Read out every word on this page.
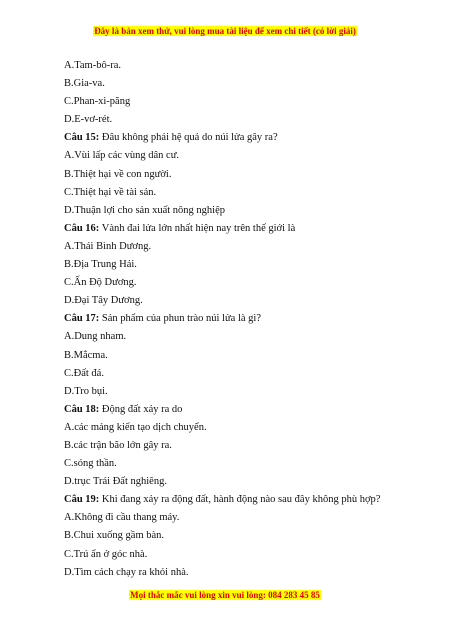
Đây là bản xem thử, vui lòng mua tài liệu để xem chi tiết (có lời giải)
A.Tam-bô-ra.
B.Gia-va.
C.Phan-xi-păng
D.E-vơ-rét.
Câu 15: Đâu không phải hệ quả do núi lửa gây ra?
A.Vùi lấp các vùng dân cư.
B.Thiệt hại về con người.
C.Thiệt hại về tài sản.
D.Thuận lợi cho sản xuất nông nghiệp
Câu 16: Vành đai lửa lớn nhất hiện nay trên thế giới là
A.Thái Bình Dương.
B.Địa Trung Hải.
C.Ấn Độ Dương.
D.Đại Tây Dương.
Câu 17: Sản phẩm của phun trào núi lửa là gì?
A.Dung nham.
B.Mắcma.
C.Đất đá.
D.Tro bụi.
Câu 18: Động đất xảy ra do
A.các mảng kiến tạo dịch chuyển.
B.các trận bão lớn gây ra.
C.sóng thần.
D.trục Trái Đất nghiêng.
Câu 19: Khi đang xảy ra động đất, hành động nào sau đây không phù hợp?
A.Không đi cầu thang máy.
B.Chui xuống gầm bàn.
C.Trú ẩn ở góc nhà.
D.Tìm cách chạy ra khỏi nhà.
Mọi thắc mắc vui lòng xin vui lòng: 084 283 45 85
